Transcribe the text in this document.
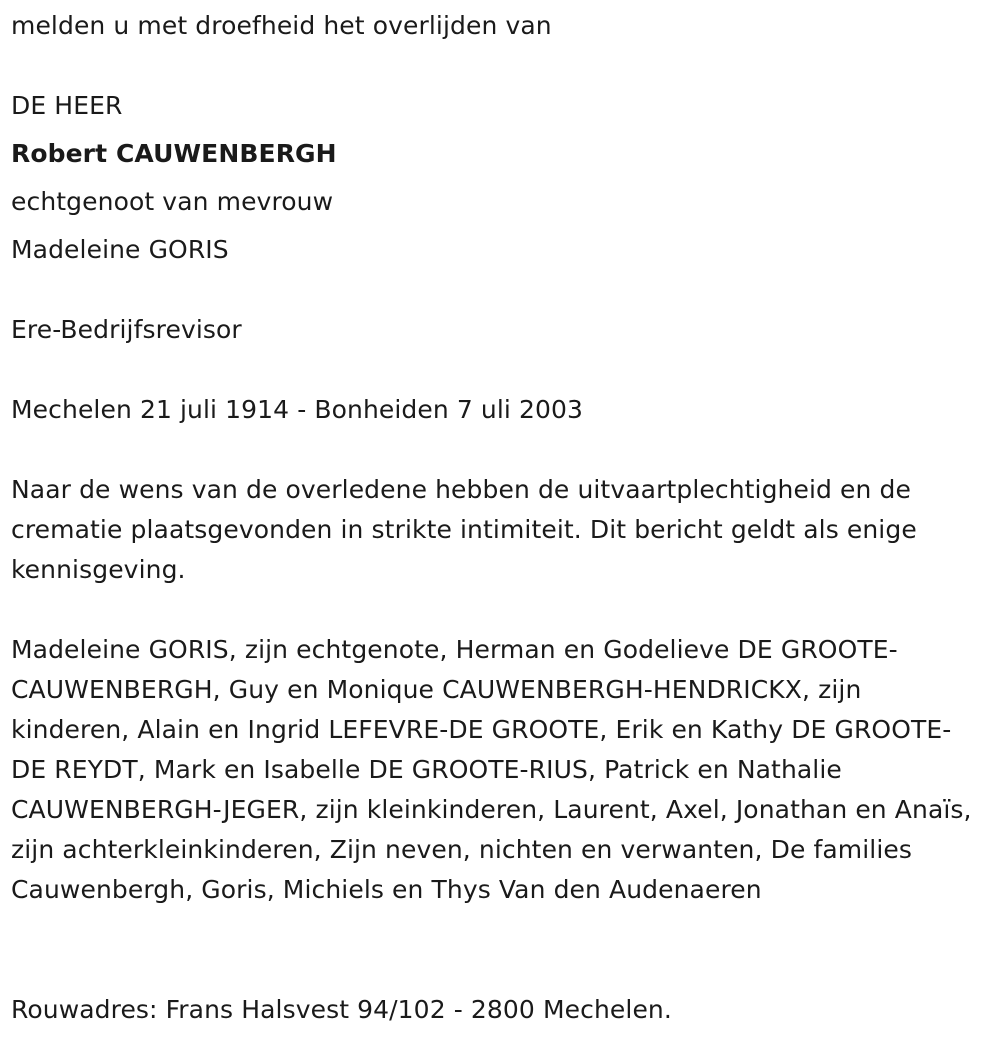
melden u met droefheid het overlijden van
DE HEER
Robert CAUWENBERGH
echtgenoot van mevrouw
Madeleine GORIS
Ere-Bedrijfsrevisor
Mechelen 21 juli 1914 - Bonheiden 7 uli 2003
Naar de wens van de overledene hebben de uitvaartplechtigheid en de crematie plaatsgevonden in strikte intimiteit. Dit bericht geldt als enige kennisgeving.
Madeleine GORIS, zijn echtgenote, Herman en Godelieve DE GROOTE-CAUWENBERGH, Guy en Monique CAUWENBERGH-HENDRICKX, zijn kinderen, Alain en Ingrid LEFEVRE-DE GROOTE, Erik en Kathy DE GROOTE-DE REYDT, Mark en Isabelle DE GROOTE-RIUS, Patrick en Nathalie CAUWENBERGH-JEGER, zijn kleinkinderen, Laurent, Axel, Jonathan en Anaïs, zijn achterkleinkinderen, Zijn neven, nichten en verwanten, De families Cauwenbergh, Goris, Michiels en Thys Van den Audenaeren
Rouwadres: Frans Halsvest 94/102 - 2800 Mechelen.
